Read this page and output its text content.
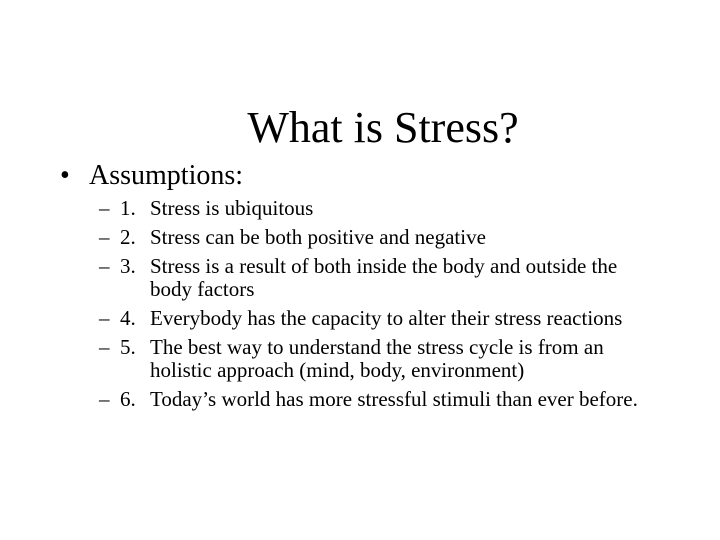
What is Stress?
• Assumptions:
– 1. Stress is ubiquitous
– 2. Stress can be both positive and negative
– 3. Stress is a result of both inside the body and outside the body factors
– 4. Everybody has the capacity to alter their stress reactions
– 5. The best way to understand the stress cycle is from an holistic approach (mind, body, environment)
– 6. Today’s world has more stressful stimuli than ever before.
